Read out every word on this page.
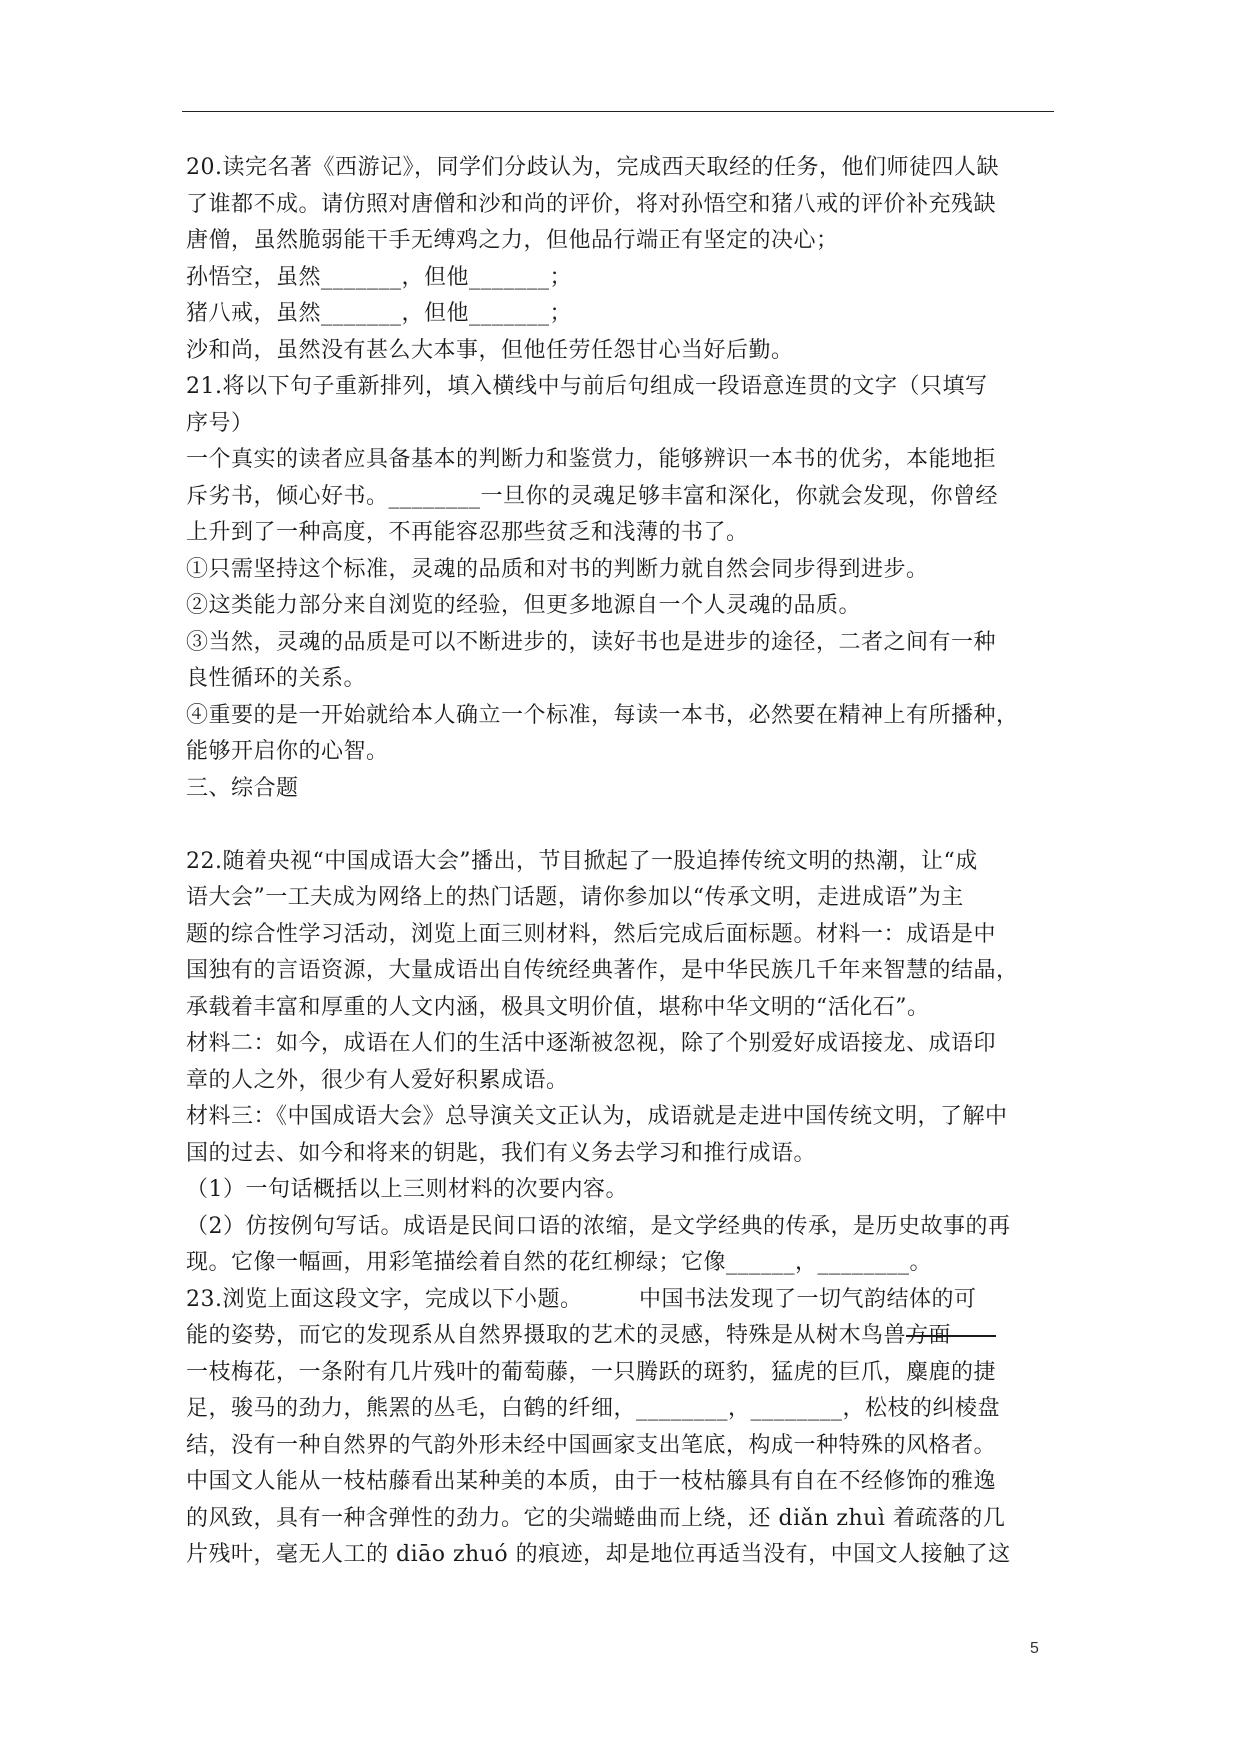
20.读完名著《西游记》，同学们分歧认为，完成西天取经的任务，他们师徒四人缺
了谁都不成。请仿照对唐僧和沙和尚的评价，将对孙悟空和猪八戒的评价补充残缺
唐僧，虽然脆弱能干手无缚鸡之力，但他品行端正有坚定的决心；
孙悟空，虽然_______，但他_______；
猪八戒，虽然_______，但他_______；
沙和尚，虽然没有甚么大本事，但他任劳任怨甘心当好后勤。
21.将以下句子重新排列，填入横线中与前后句组成一段语意连贯的文字（只填写
序号）
一个真实的读者应具备基本的判断力和鉴赏力，能够辨识一本书的优劣，本能地拒
斥劣书，倾心好书。________一旦你的灵魂足够丰富和深化，你就会发现，你曾经
上升到了一种高度，不再能容忍那些贫乏和浅薄的书了。
①只需坚持这个标准，灵魂的品质和对书的判断力就自然会同步得到进步。
②这类能力部分来自浏览的经验，但更多地源自一个人灵魂的品质。
③当然，灵魂的品质是可以不断进步的，读好书也是进步的途径，二者之间有一种
良性循环的关系。
④重要的是一开始就给本人确立一个标准，每读一本书，必然要在精神上有所播种，
能够开启你的心智。
三、综合题
22.随着央视“中国成语大会”播出，节目掀起了一股追捧传统文明的热潮，让“成
语大会”一工夫成为网络上的热门话题，请你参加以“传承文明，走进成语”为主
题的综合性学习活动，浏览上面三则材料，然后完成后面标题。材料一：成语是中
国独有的言语资源，大量成语出自传统经典著作，是中华民族几千年来智慧的结晶，
承载着丰富和厚重的人文内涵，极具文明价值，堪称中华文明的“活化石”。
材料二：如今，成语在人们的生活中逐渐被忽视，除了个别爱好成语接龙、成语印
章的人之外，很少有人爱好积累成语。
材料三：《中国成语大会》总导演关文正认为，成语就是走进中国传统文明，了解中
国的过去、如今和将来的钥匙，我们有义务去学习和推行成语。
（1）一句话概括以上三则材料的次要内容。
（2）仿按例句写话。成语是民间口语的浓缩，是文学经典的传承，是历史故事的再
现。它像一幅画，用彩笔描绘着自然的花红柳绿；它像______，________。
23.浏览上面这段文字，完成以下小题。　　　中国书法发现了一切气韵结体的可
能的姿势，而它的发现系从自然界摄取的艺术的灵感，特殊是从树木鸟兽方面——
一枝梅花，一条附有几片残叶的葡萄藤，一只腾跃的斑豹，猛虎的巨爪，麋鹿的捷
足，骏马的劲力，熊罴的丛毛，白鹤的纤细，________，________，松枝的纠棱盘
结，没有一种自然界的气韵外形未经中国画家支出笔底，构成一种特殊的风格者。
中国文人能从一枝枯藤看出某种美的本质，由于一枝枯籐具有自在不经修饰的雅逸
的风致，具有一种含弹性的劲力。它的尖端蜷曲而上绕，还 diǎn zhuì 着疏落的几
片残叶，毫无人工的 diāo zhuó 的痕迹，却是地位再适当没有，中国文人接触了这
5
